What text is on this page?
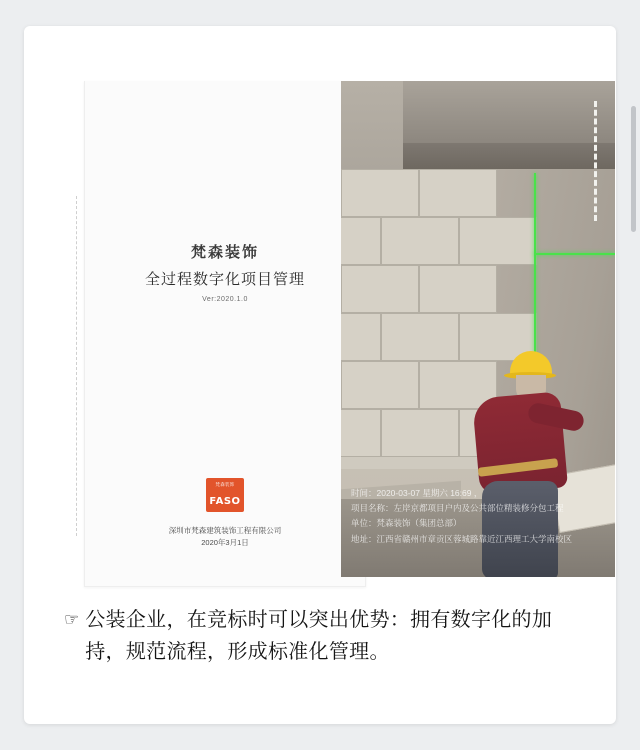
梵森装饰
全过程数字化项目管理
Ver:2020.1.0
梵森装饰
FASO
深圳市梵森建筑装饰工程有限公司
2020年3月1日
时间：2020-03-07 星期六 16:69 ，
项目名称：左岸京都项目户内及公共部位精装修分包工程
单位：梵森装饰（集团总部）
地址：江西省赣州市章贡区蓉城路靠近江西理工大学南校区
☞ 公装企业，在竞标时可以突出优势：拥有数字化的加持，规范流程，形成标准化管理。
